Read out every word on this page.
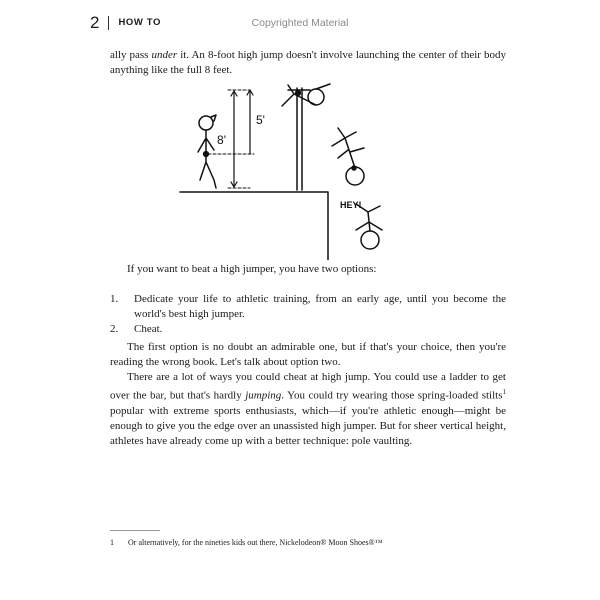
2 HOW TO	Copyrighted Material

ally pass under it. An 8-foot high jump doesn't involve launching the center of their body anything like the full 8 feet.

8'
5'
HEY!

If you want to beat a high jumper, you have two options:

1.	Dedicate your life to athletic training, from an early age, until you become the world's best high jumper.
2.	Cheat.

The first option is no doubt an admirable one, but if that's your choice, then you're reading the wrong book. Let's talk about option two.

There are a lot of ways you could cheat at high jump. You could use a ladder to get over the bar, but that's hardly jumping. You could try wearing those spring-loaded stilts$^1$ popular with extreme sports enthusiasts, which—if you're athletic enough—might be enough to give you the edge over an unassisted high jumper. But for sheer vertical height, athletes have already come up with a better technique: pole vaulting.

1 Or alternatively, for the nineties kids out there, Nickelodeon® Moon Shoes®™
